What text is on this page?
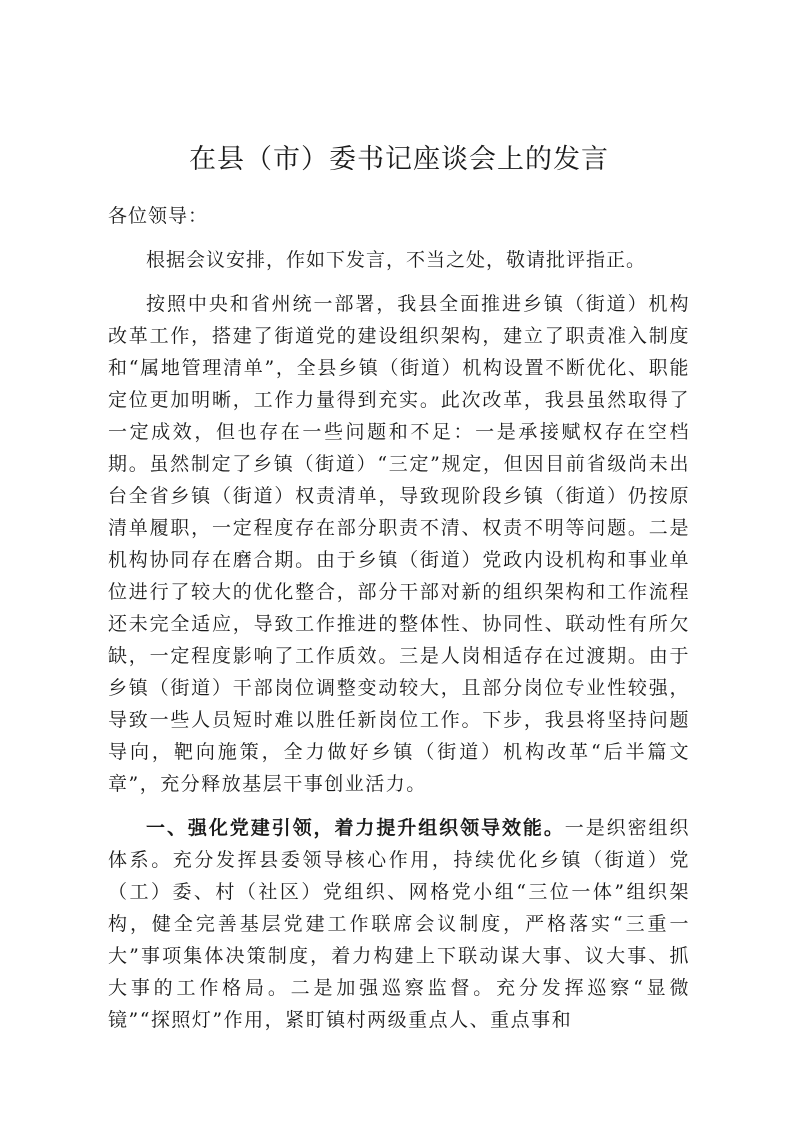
在县（市）委书记座谈会上的发言

各位领导：

根据会议安排，作如下发言，不当之处，敬请批评指正。

按照中央和省州统一部署，我县全面推进乡镇（街道）机构改革工作，搭建了街道党的建设组织架构，建立了职责准入制度和“属地管理清单”，全县乡镇（街道）机构设置不断优化、职能定位更加明晰，工作力量得到充实。此次改革，我县虽然取得了一定成效，但也存在一些问题和不足：一是承接赋权存在空档期。虽然制定了乡镇（街道）“三定”规定，但因目前省级尚未出台全省乡镇（街道）权责清单，导致现阶段乡镇（街道）仍按原清单履职，一定程度存在部分职责不清、权责不明等问题。二是机构协同存在磨合期。由于乡镇（街道）党政内设机构和事业单位进行了较大的优化整合，部分干部对新的组织架构和工作流程还未完全适应，导致工作推进的整体性、协同性、联动性有所欠缺，一定程度影响了工作质效。三是人岗相适存在过渡期。由于乡镇（街道）干部岗位调整变动较大，且部分岗位专业性较强，导致一些人员短时难以胜任新岗位工作。下步，我县将坚持问题导向，靶向施策，全力做好乡镇（街道）机构改革“后半篇文章”，充分释放基层干事创业活力。

一、强化党建引领，着力提升组织领导效能。一是织密组织体系。充分发挥县委领导核心作用，持续优化乡镇（街道）党（工）委、村（社区）党组织、网格党小组“三位一体”组织架构，健全完善基层党建工作联席会议制度，严格落实“三重一大”事项集体决策制度，着力构建上下联动谋大事、议大事、抓大事的工作格局。二是加强巡察监督。充分发挥巡察“显微镜”“探照灯”作用，紧盯镇村两级重点人、重点事和
